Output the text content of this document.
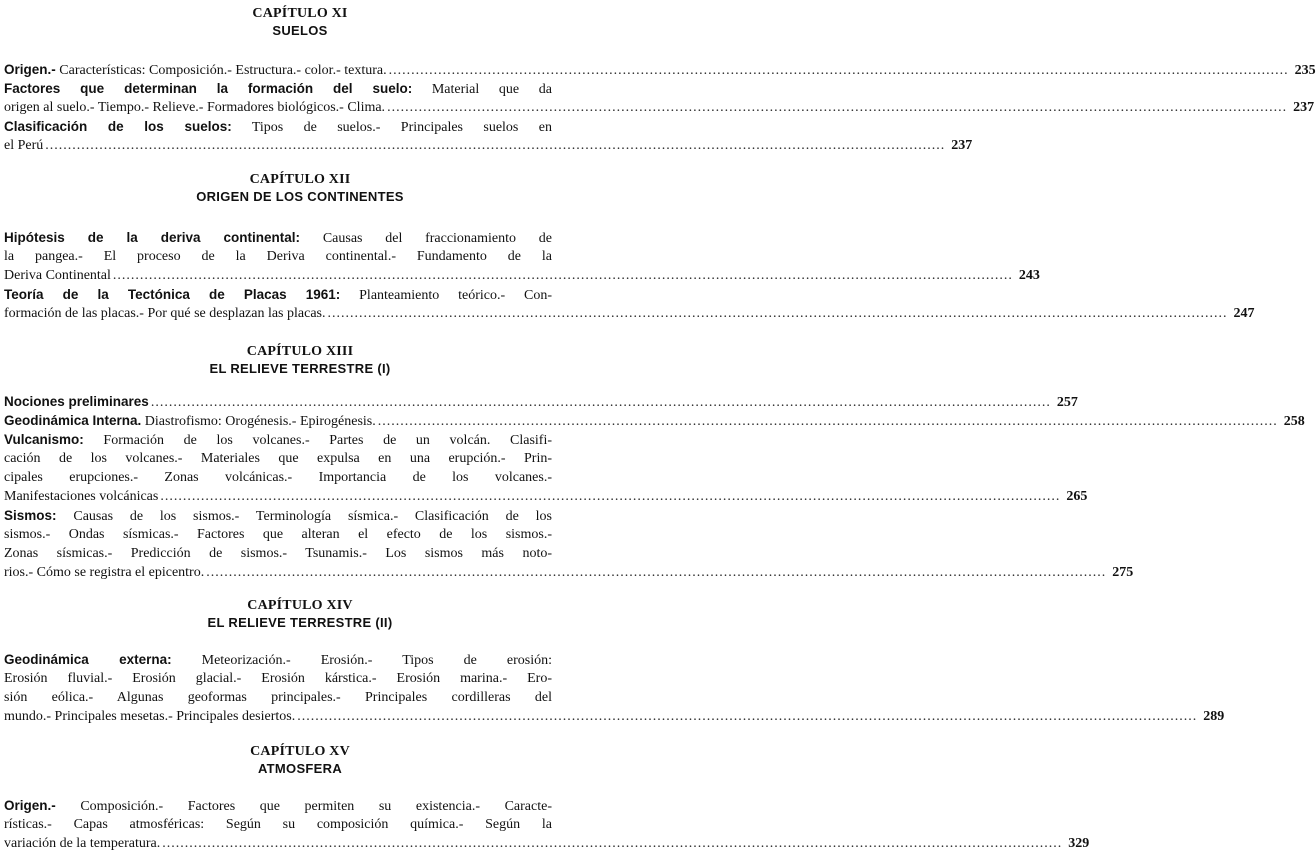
CAPÍTULO XI
SUELOS
Origen.- Características: Composición.- Estructura.- color.- textura. ........................................................................................................................................................................................................ 235
Factores que determinan la formación del suelo: Material que da
origen al suelo.- Tiempo.- Relieve.- Formadores biológicos.- Clima. ........................................................................................................................................................................................................ 237
Clasificación de los suelos: Tipos de suelos.- Principales suelos en
el Perú ........................................................................................................................................................................................................ 237
CAPÍTULO XII
ORIGEN DE LOS CONTINENTES
Hipótesis de la deriva continental: Causas del fraccionamiento de
la pangea.- El proceso de la Deriva continental.- Fundamento de la
Deriva Continental ........................................................................................................................................................................................................ 243
Teoría de la Tectónica de Placas 1961: Planteamiento teórico.- Con-
formación de las placas.- Por qué se desplazan las placas. ........................................................................................................................................................................................................ 247
CAPÍTULO XIII
EL RELIEVE TERRESTRE (I)
Nociones preliminares ........................................................................................................................................................................................................ 257
Geodinámica Interna. Diastrofismo: Orogénesis.- Epirogénesis. ........................................................................................................................................................................................................ 258
Vulcanismo: Formación de los volcanes.- Partes de un volcán. Clasifi-
cación de los volcanes.- Materiales que expulsa en una erupción.- Prin-
cipales erupciones.- Zonas volcánicas.- Importancia de los volcanes.-
Manifestaciones volcánicas ........................................................................................................................................................................................................ 265
Sismos: Causas de los sismos.- Terminología sísmica.- Clasificación de los
sismos.- Ondas sísmicas.- Factores que alteran el efecto de los sismos.-
Zonas sísmicas.- Predicción de sismos.- Tsunamis.- Los sismos más noto-
rios.- Cómo se registra el epicentro. ........................................................................................................................................................................................................ 275
CAPÍTULO XIV
EL RELIEVE TERRESTRE (II)
Geodinámica externa: Meteorización.- Erosión.- Tipos de erosión:
Erosión fluvial.- Erosión glacial.- Erosión kárstica.- Erosión marina.- Ero-
sión eólica.- Algunas geoformas principales.- Principales cordilleras del
mundo.- Principales mesetas.- Principales desiertos. ........................................................................................................................................................................................................ 289
CAPÍTULO XV
ATMOSFERA
Origen.- Composición.- Factores que permiten su existencia.- Caracte-
rísticas.- Capas atmosféricas: Según su composición química.- Según la
variación de la temperatura. ........................................................................................................................................................................................................ 329
